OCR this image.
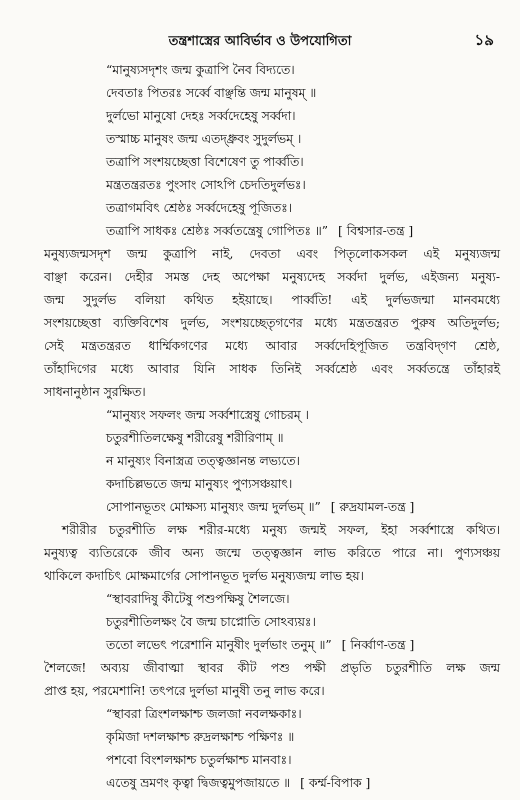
তন্ত্রশাস্ত্রের আবির্ভাব ও উপযোগিতা	১৯
“মানুষ্যসদৃশং জন্ম কুত্রাপি নৈব বিদ্যতে।
দেবতাঃ পিতরঃ সর্ব্বে বাঞ্ছন্তি জন্ম মানুষম্ ॥
দুর্লভো মানুষো দেহঃ সর্ব্বদেহেষু সর্ব্বদা।
তস্মাচ্চ মানুষং জন্ম এতদ্ধ্রুবং সুদুর্লভম্ ।
তত্রাপি সংশয়চ্ছেত্তা বিশেষেণ তু পার্ব্বতি।
মন্ত্রতন্ত্ররতঃ পুংসাং সোঽপি চেদতিদুর্লভঃ।
তত্রাগমবিৎ শ্রেষ্ঠঃ সর্ব্বদেহেষু পূজিতঃ।
তত্রাপি সাধকঃ শ্রেষ্ঠঃ সর্ব্বতন্ত্রেষু গোপিতঃ ॥” [ বিশ্বসার-তন্ত্র ]
মনুষ্যজন্মসদৃশ জন্ম কুত্রাপি নাই, দেবতা এবং পিতৃলোকসকল এই মনুষ্যজন্ম
বাঞ্ছা করেন। দেহীর সমস্ত দেহ অপেক্ষা মনুষ্যদেহ সর্ব্বদা দুর্লভ, এইজন্য মনুষ্য-
জন্ম সুদুর্লভ বলিয়া কথিত হইয়াছে। পার্ব্বতি! এই দুর্লভজন্মা মানবমধ্যে
সংশয়চ্ছেত্তা ব্যক্তিবিশেষ দুর্লভ, সংশয়চ্ছেতৃগণের মধ্যে মন্ত্রতন্ত্ররত পুরুষ অতিদুর্লভ;
সেই মন্ত্রতন্ত্ররত ধার্ম্মিকগণের মধ্যে আবার সর্ব্বদেহিপূজিত তন্ত্রবিদ্‌গণ শ্রেষ্ঠ,
তাঁহাদিগের মধ্যে আবার যিনি সাধক তিনিই সর্ব্বশ্রেষ্ঠ এবং সর্ব্বতন্ত্রে তাঁহারই
সাধনানুষ্ঠান সুরক্ষিত।
“মানুষ্যং সফলং জন্ম সর্ব্বশাস্ত্রেষু গোচরম্ ।
চতুরশীতিলক্ষেষু শরীরেষু শরীরিণাম্ ॥
ন মানুষ্যং বিনাস্ত্রত্র তত্ত্বজ্ঞানন্ত লভ্যতে।
কদাচিল্লভতে জন্ম মানুষ্যং পুণ্যসঞ্চয়াৎ।
সোপানভূতং মোক্ষস্য মানুষ্যং জন্ম দুর্লভম্ ॥” [ রুদ্রযামল-তন্ত্র ]
শরীরীর চতুরশীতি লক্ষ শরীর-মধ্যে মনুষ্য জন্মই সফল, ইহা সর্ব্বশাস্ত্রে কথিত।
মনুষ্যত্ব ব্যতিরেকে জীব অন্য জন্মে তত্ত্বজ্ঞান লাভ করিতে পারে না। পুণ্যসঞ্চয়
থাকিলে কদাচিৎ মোক্ষমার্গের সোপানভূত দুর্লভ মনুষ্যজন্ম লাভ হয়।
“স্থাবরাদিষু কীটেষু পশুপক্ষিষু শৈলজে।
চতুরশীতিলক্ষং বৈ জন্ম চাপ্নোতি সোঽব্যয়ঃ।
ততো লভেৎ পরেশানি মানুষীং দুর্লভাং তনুম্ ॥” [ নির্ব্বাণ-তন্ত্র ]
শৈলজে! অব্যয় জীবাত্মা স্থাবর কীট পশু পক্ষী প্রভৃতি চতুরশীতি লক্ষ জন্ম
প্রাপ্ত হয়, পরমেশানি! তৎপরে দুর্লভা মানুষী তনু লাভ করে।
“স্থাবরা ত্রিংশলক্ষাশ্চ জলজা নবলক্ষকাঃ।
কৃমিজা দশলক্ষাশ্চ রুদ্রলক্ষাশ্চ পক্ষিণঃ ॥
পশবো বিংশলক্ষাশ্চ চতুর্লক্ষাশ্চ মানবাঃ।
এতেষু ভ্রমণং কৃত্বা দ্বিজত্বমুপজায়তে ॥ [ কর্ম্ম-বিপাক ]
